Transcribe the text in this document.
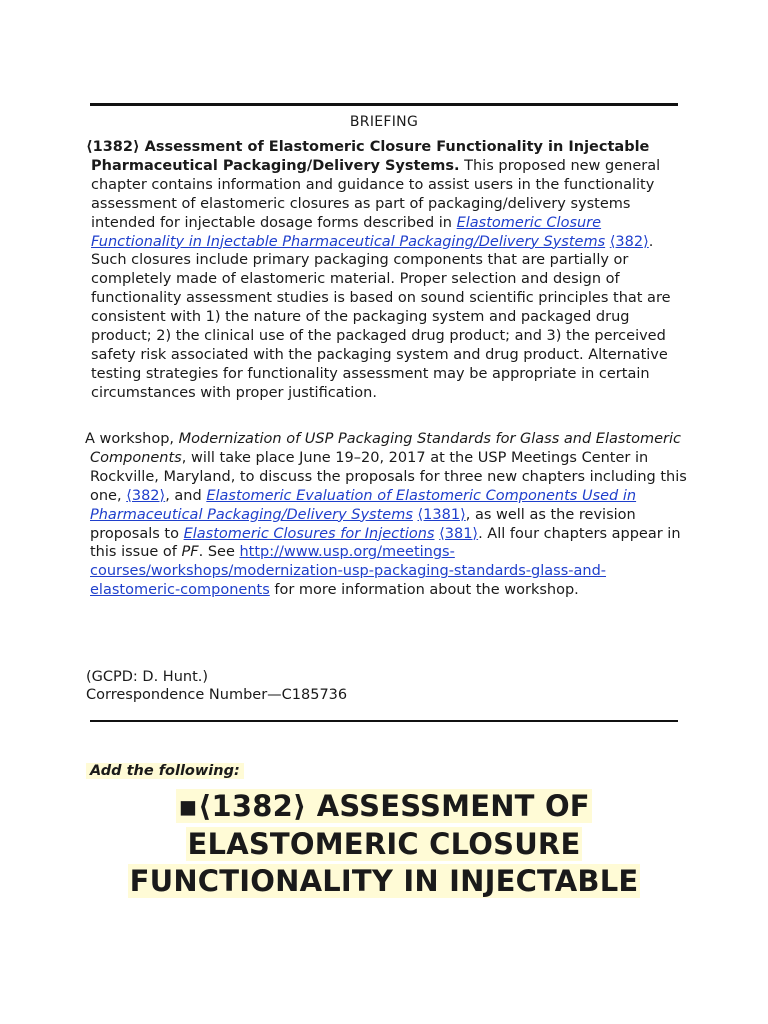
BRIEFING
⟨1382⟩ Assessment of Elastomeric Closure Functionality in Injectable Pharmaceutical Packaging/Delivery Systems. This proposed new general chapter contains information and guidance to assist users in the functionality assessment of elastomeric closures as part of packaging/delivery systems intended for injectable dosage forms described in Elastomeric Closure Functionality in Injectable Pharmaceutical Packaging/Delivery Systems ⟨382⟩. Such closures include primary packaging components that are partially or completely made of elastomeric material. Proper selection and design of functionality assessment studies is based on sound scientific principles that are consistent with 1) the nature of the packaging system and packaged drug product; 2) the clinical use of the packaged drug product; and 3) the perceived safety risk associated with the packaging system and drug product. Alternative testing strategies for functionality assessment may be appropriate in certain circumstances with proper justification.
A workshop, Modernization of USP Packaging Standards for Glass and Elastomeric Components, will take place June 19–20, 2017 at the USP Meetings Center in Rockville, Maryland, to discuss the proposals for three new chapters including this one, ⟨382⟩, and Elastomeric Evaluation of Elastomeric Components Used in Pharmaceutical Packaging/Delivery Systems ⟨1381⟩, as well as the revision proposals to Elastomeric Closures for Injections ⟨381⟩. All four chapters appear in this issue of PF. See http://www.usp.org/meetings-courses/workshops/modernization-usp-packaging-standards-glass-and-elastomeric-components for more information about the workshop.
(GCPD: D. Hunt.)
Correspondence Number—C185736
Add the following:
▪⟨1382⟩ ASSESSMENT OF
ELASTOMERIC CLOSURE
FUNCTIONALITY IN INJECTABLE
